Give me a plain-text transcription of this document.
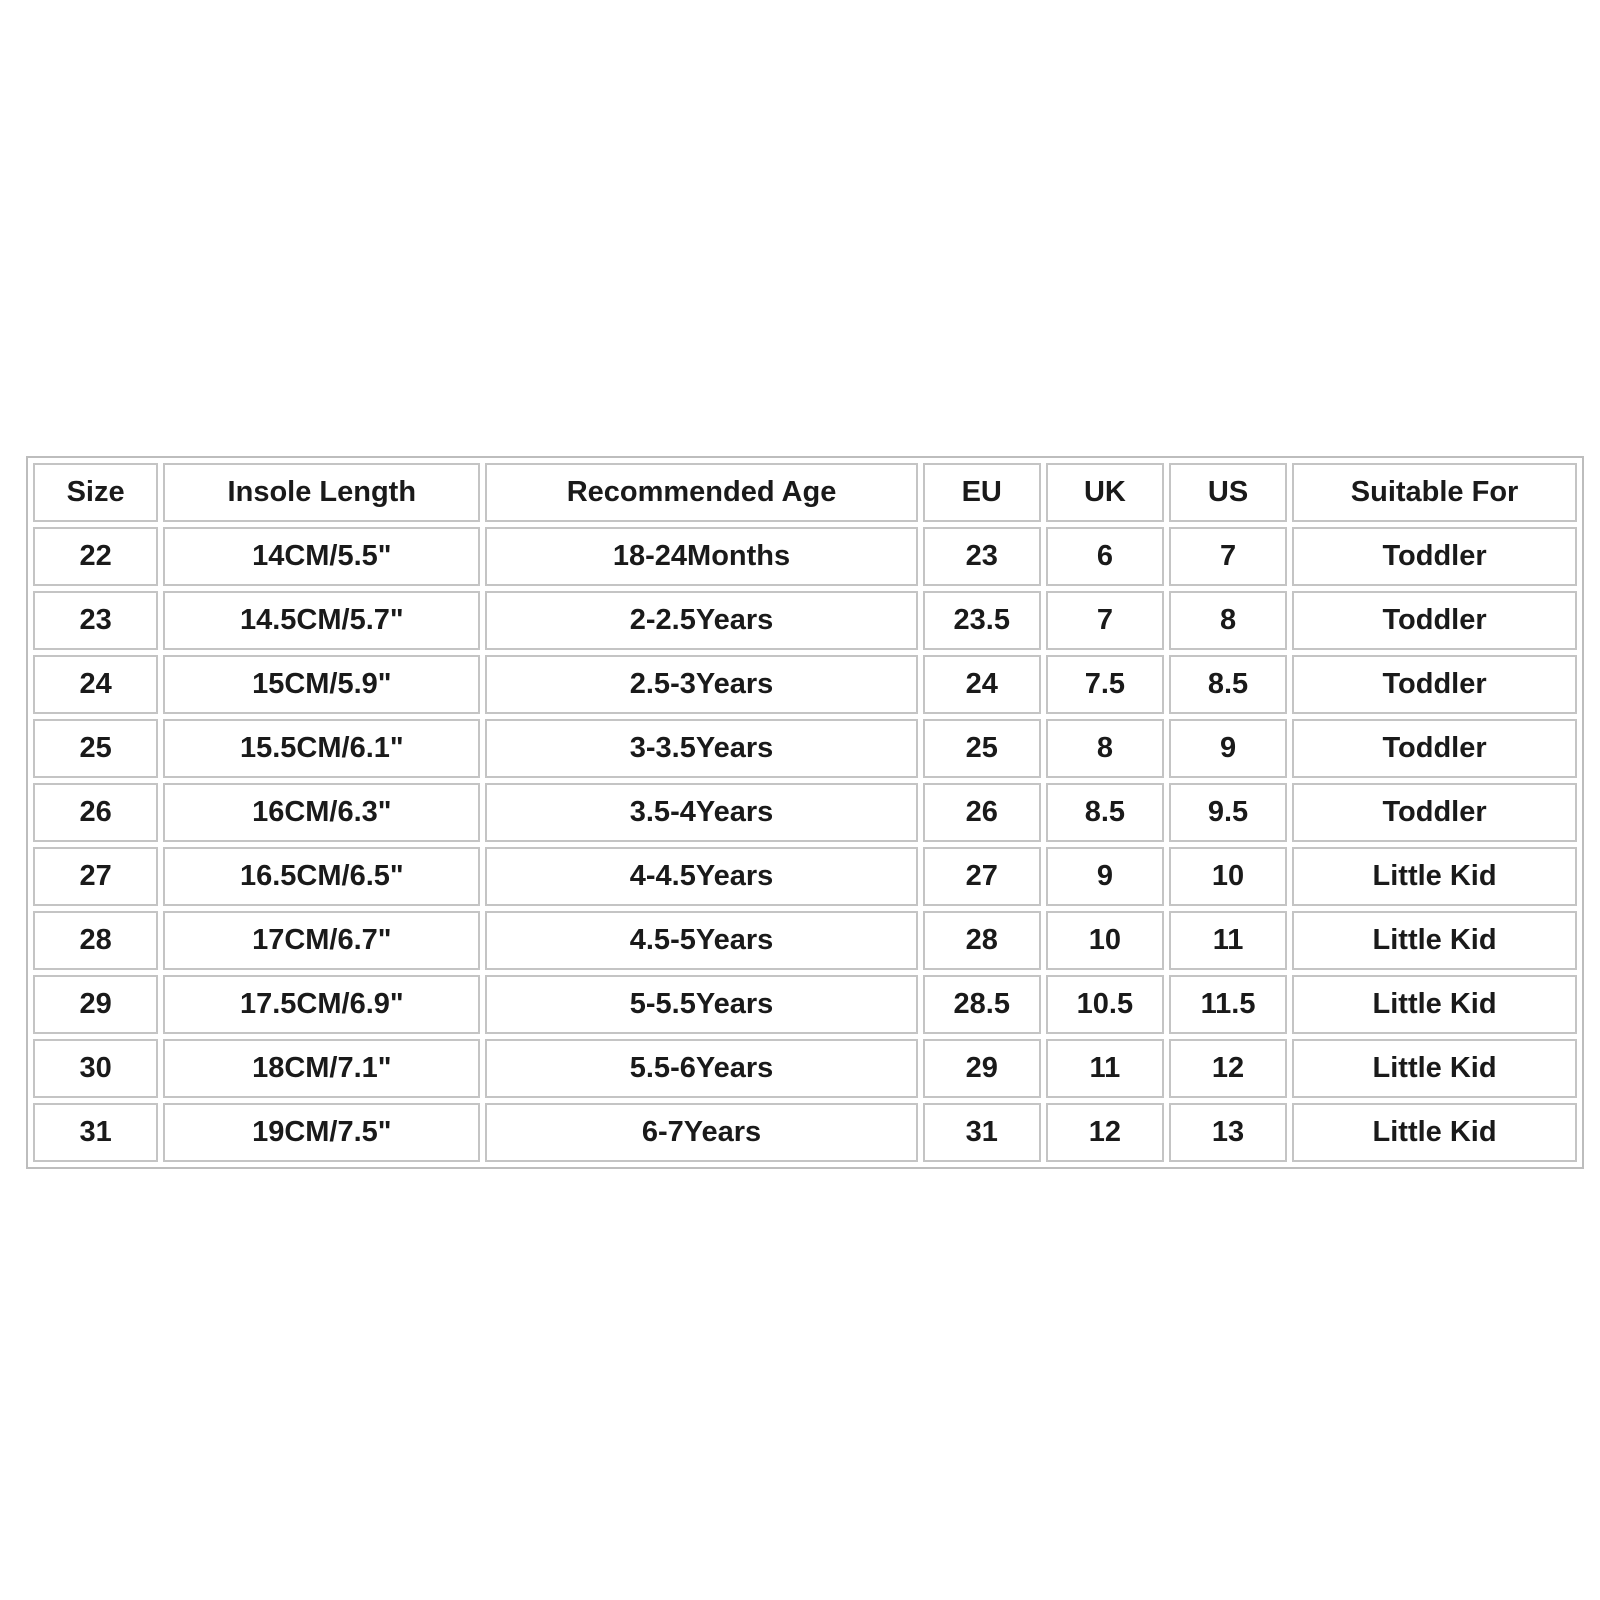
Size	Insole Length	Recommended Age	EU	UK	US	Suitable For
22	14CM/5.5"	18-24Months	23	6	7	Toddler
23	14.5CM/5.7"	2-2.5Years	23.5	7	8	Toddler
24	15CM/5.9"	2.5-3Years	24	7.5	8.5	Toddler
25	15.5CM/6.1"	3-3.5Years	25	8	9	Toddler
26	16CM/6.3"	3.5-4Years	26	8.5	9.5	Toddler
27	16.5CM/6.5"	4-4.5Years	27	9	10	Little Kid
28	17CM/6.7"	4.5-5Years	28	10	11	Little Kid
29	17.5CM/6.9"	5-5.5Years	28.5	10.5	11.5	Little Kid
30	18CM/7.1"	5.5-6Years	29	11	12	Little Kid
31	19CM/7.5"	6-7Years	31	12	13	Little Kid
